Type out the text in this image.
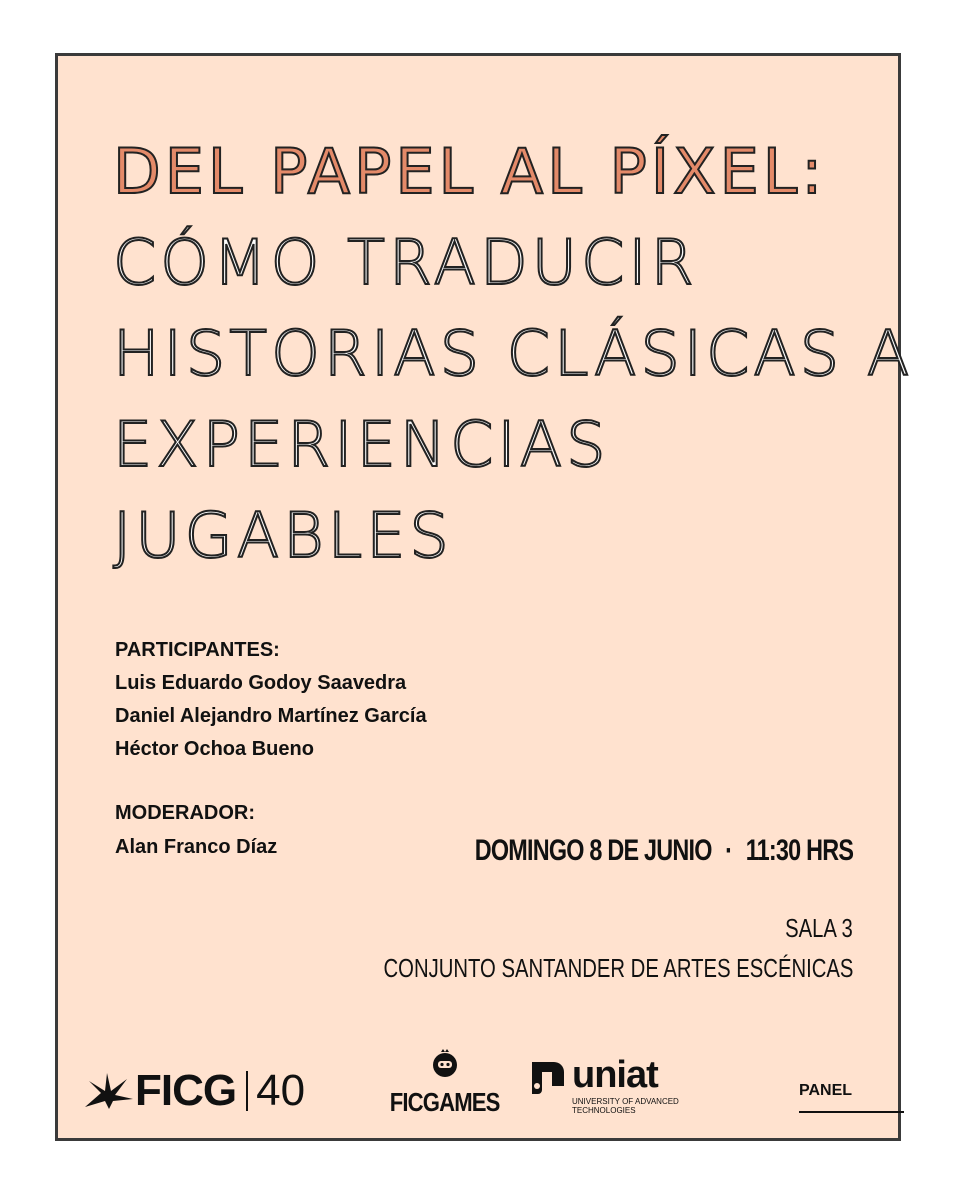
DEL PAPEL AL PÍXEL:
CÓMO TRADUCIR
HISTORIAS CLÁSICAS A
EXPERIENCIAS
JUGABLES

PARTICIPANTES:

Luis Eduardo Godoy Saavedra

Daniel Alejandro Martínez García

Héctor Ochoa Bueno

MODERADOR:

Alan Franco Díaz	DOMINGO 8 DE JUNIO · 11:30 HRS
SALA 3
CONJUNTO SANTANDER DE ARTES ESCÉNICAS
FICG 40	FICGAMES
uniat
UNIVERSITY OF ADVANCED TECHNOLOGIES
PANEL
